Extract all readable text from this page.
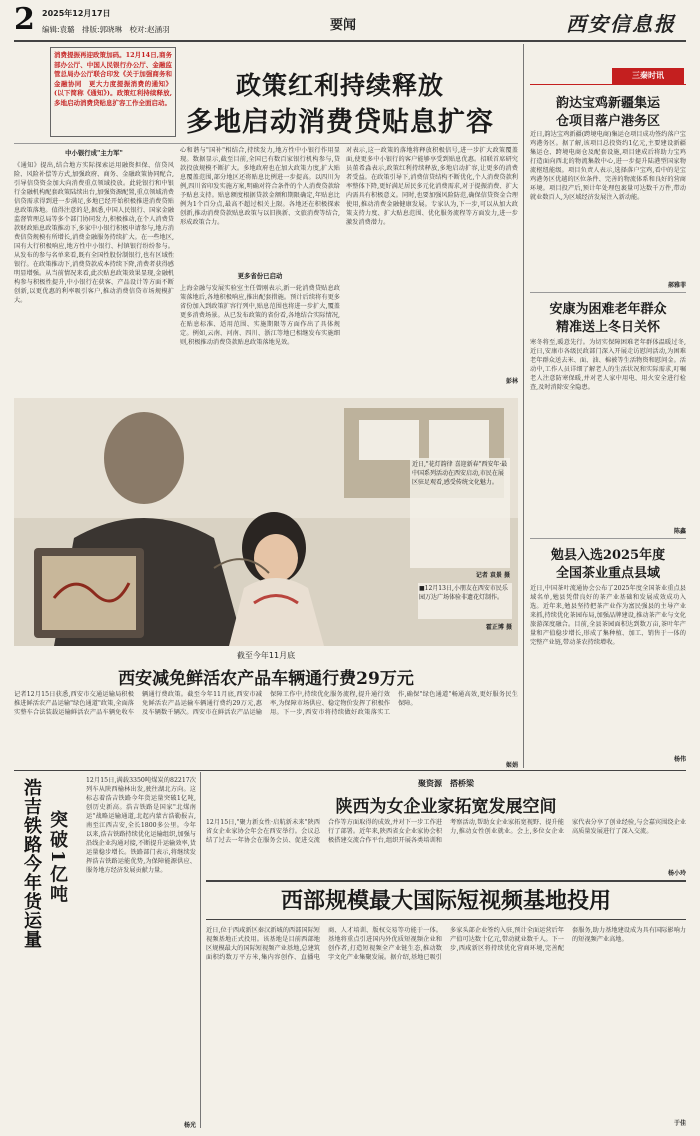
2 2025年12月17日
编辑:袁璐　排版:郭晓琳　校对:赵涵羽	要闻	西安信息报
消费提振再迎政策加码。12月14日,商务部办公厅、中国人民银行办公厅、金融监管总局办公厅联合印发《关于加强商务和金融协同　更大力度提振消费的通知》(以下简称《通知》)。政策红利持续释放,多地启动消费贷贴息扩容工作全面启动。
政策红利持续释放
多地启动消费贷贴息扩容
中小银行成"主力军"
《通知》提出,结合地方实际探索运用融资担保、信贷风险、风险补偿等方式,加强政府、商务、金融政策协同配合,引导信贷资金加大向消费重点领域投放。此轮银行和中银行金融机构配套政策陆续出台,加强资源配置,重点领域消费信贷需求得到进一步满足,多地已经开始积极推进消费贷贴息政策落地。值得注意的是,据悉,中国人民银行、国家金融监督管理总局等多个部门协同发力,积极推动,在个人消费贷款财政贴息政策推动下,多家中小银行积极申请参与,地方消费信贷规模有所增长,消费金融服务持续扩大。在一些地区,国有大行积极响应,地方性中小银行、村镇银行纷纷参与。从发布的参与名单来看,既有全国性股份制银行,也有区域性银行。在政策推动下,消费贷款成本持续下降,消费者获得感明显增强。从当前情况来看,此次贴息政策效果显现,金融机构参与积极性提升,中小银行在获客、产品设计等方面不断创新,以更优惠的利率吸引客户,推动消费信贷市场规模扩大。
心和谐与"国补"相结合,持续发力,地方性中小银行作用显现。数据显示,截至目前,全国已有数百家银行机构参与,贷款投放规模不断扩大。多地政府也在加大政策力度,扩大贴息覆盖范围,部分地区还将贴息比例进一步提高。以四川为例,四川省印发实施方案,明确对符合条件的个人消费贷款给予贴息支持。贴息额度根据贷款金额和期限确定,年贴息比例为1个百分点,最高不超过相关上限。各地还在积极探索创新,推动消费贷款贴息政策与以旧换新、文旅消费等结合,形成政策合力。
更多省份已启动
上海金融与发展实验室主任曾刚表示,新一轮消费贷贴息政策落地后,各地积极响应,推出配套措施。预计后续将有更多省份加入到政策扩容行列中,贴息范围也将进一步扩大,覆盖更多消费场景。从已发布政策的省份看,各地结合实际情况,在贴息标准、适用范围、实施期限等方面作出了具体规定。例如,云南、河南、四川、浙江等地已相继发布实施细则,积极推动消费贷款贴息政策落地见效。
对表示,这一政策的落地将释放积极信号,进一步扩大政策覆盖面,使更多中小银行的客户能够享受到贴息优惠。招联首席研究员董希淼表示,政策红利持续释放,多地启动扩容,让更多的消费者受益。在政策引导下,消费信贷结构不断优化,个人消费贷款利率整体下降,更好满足居民多元化消费需求,对于提振消费、扩大内需具有积极意义。同时,也要加强风险防范,确保信贷资金合理使用,推动消费金融健康发展。专家认为,下一步,可以从加大政策支持力度、扩大贴息范围、优化服务流程等方面发力,进一步激发消费潜力。
彭林
近日,"花灯韵律 喜迎新春"西安年·最中国系列活动在西安启动,市民在展区驻足观看,感受传统文化魅力。
记者 袁景 摄
■12月13日,小朋友在西安市民乐园万达广场体验非遗花灯制作。
霍正博 摄
截至今年11月底
西安减免鲜活农产品车辆通行费29万元
记者12月15日获悉,西安市交通运输局积极推进鲜活农产品运输"绿色通道"政策,全面落实整车合法装载运输鲜活农产品车辆免收车辆通行费政策。截至今年11月底,西安市减免鲜活农产品运输车辆通行费约29万元,惠及车辆数千辆次。西安市在鲜活农产品运输保障工作中,持续优化服务流程,提升通行效率,为保障市场供应、稳定物价发挥了积极作用。下一步,西安市将持续做好政策落实工作,确保"绿色通道"畅通高效,更好服务民生保障。
姬娟
三秦时讯
韵达宝鸡新疆集运
仓项目落户港务区
近日,韵达宝鸡新疆(跨境电商)集运仓项目成功签约落户宝鸡港务区。据了解,该项目总投资约1亿元,主要建设新疆集运仓、跨境电商仓及配套设施,项目建成后将助力宝鸡打造面向西北的物流集散中心,进一步提升陆港型国家物流枢纽能级。项目负责人表示,选择落户宝鸡,看中的是宝鸡港务区优越的区位条件、完善的物流体系和良好的营商环境。项目投产后,预计年处理包裹量可达数千万件,带动就业数百人,为区域经济发展注入新动能。
郝雅菲
安康为困难老年群众
精准送上冬日关怀
寒冬将至,暖意先行。为切实保障困难老年群体温暖过冬,近日,安康市各级民政部门深入开展走访慰问活动,为困难老年群众送去米、面、油、棉被等生活物资和慰问金。活动中,工作人员详细了解老人的生活状况和实际需求,叮嘱老人注意防寒保暖,并对老人家中用电、用火安全进行检查,及时消除安全隐患。
陈鑫
勉县入选2025年度
全国茶业重点县域
近日,中国茶叶流通协会公布了2025年度全国茶业重点县域名单,勉县凭借良好的茶产业基础和发展成效成功入选。近年来,勉县坚持把茶产业作为富民强县的主导产业来抓,持续优化茶园布局,加强品牌建设,推动茶产业与文化旅游深度融合。目前,全县茶园面积达到数万亩,茶叶年产量和产值稳步增长,形成了集种植、加工、销售于一体的完整产业链,带动茶农持续增收。
杨伟
浩吉铁路今年货运量 突破1亿吨
12月15日,满载3350吨煤炭的82217次列车从陕西榆林出发,驶往湖北方向。这标志着浩吉铁路今年货运量突破1亿吨,创历史新高。浩吉铁路是国家"北煤南运"战略运输通道,北起内蒙古浩勒报吉,南至江西吉安,全长1800多公里。今年以来,浩吉铁路持续优化运输组织,加强与沿线企业沟通对接,不断提升运输效率,货运量稳步增长。铁路部门表示,将继续发挥浩吉铁路运能优势,为保障能源供应、服务地方经济发展贡献力量。
杨光
聚资源　搭桥梁
陕西为女企业家拓宽发展空间
12月15日,"聚力新女性·启航新未来"陕西省女企业家协会年会在西安举行。会议总结了过去一年协会在服务会员、促进交流合作等方面取得的成效,并对下一步工作进行了部署。近年来,陕西省女企业家协会积极搭建交流合作平台,组织开展各类培训和考察活动,帮助女企业家拓宽视野、提升能力,推动女性创业就业。会上,多位女企业家代表分享了创业经验,与会嘉宾围绕企业高质量发展进行了深入交流。
杨小玲
西部规模最大国际短视频基地投用
近日,位于西咸新区秦汉新城的西部国际短视频基地正式投用。该基地是目前西部地区规模最大的国际短视频产业基地,总建筑面积约数万平方米,集内容创作、直播电商、人才培训、版权交易等功能于一体。基地将重点引进国内外优质短视频企业和创作者,打造短视频全产业链生态,推动数字文化产业集聚发展。据介绍,基地已吸引多家头部企业签约入驻,预计全面运营后年产值可达数十亿元,带动就业数千人。下一步,西咸新区将持续优化营商环境,完善配套服务,助力基地建设成为具有国际影响力的短视频产业高地。
于佳
